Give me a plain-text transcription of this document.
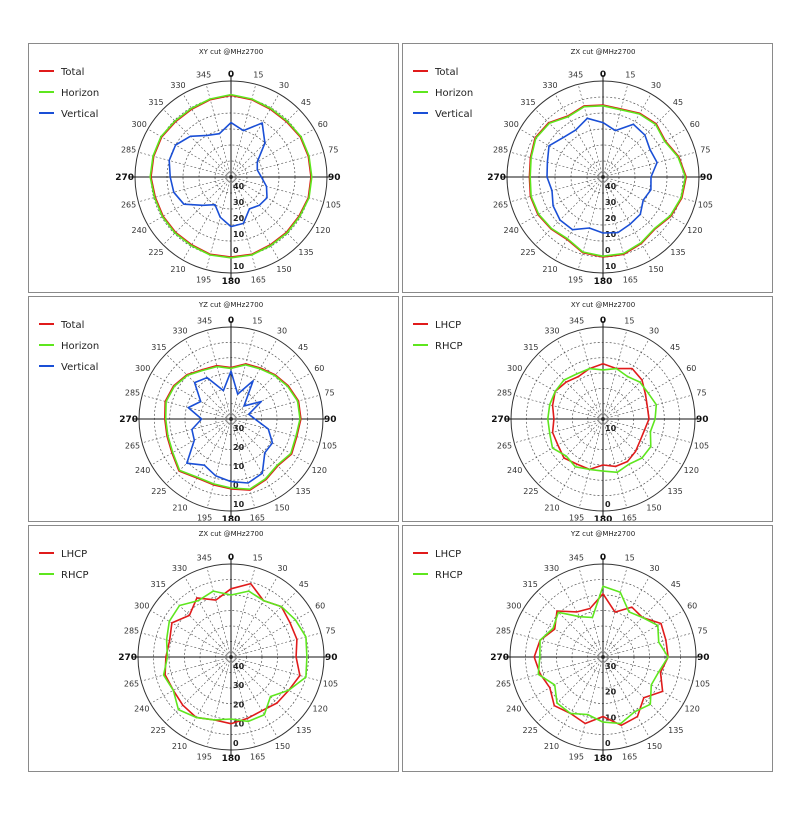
XY cut @MHz2700
0 15
30
45
60
75
90
105
120
135
150
165
180
195
210
225
240
265
270
285
300
315
330
345
40
30
20
10
0
10
Total
Horizon
Vertical
ZX cut @MHz2700
0 15
30
45
60
75
90
105
120
135
150
165
180
195
210
225
240
265
270
285
300
315
330
345
40
30
20
10
0
10
Total
Horizon
Vertical
YZ cut @MHz2700
0 15
30
45
60
75
90
105
120
135
150
165
180
195
210
225
240
265
270
285
300
315
330
345
30
20
10
0
10
Total
Horizon
Vertical
XY cut @MHz2700
0 15
30
45
60
75
90
105
120
135
150
165
180
195
210
225
240
265
270
285
300
315
330
345
10
0
LHCP
RHCP
ZX cut @MHz2700
0 15
30
45
60
75
90
105
120
135
150
165
180
195
210
225
240
265
270
285
300
315
330
345
40
30
20
10
0
LHCP
RHCP
YZ cut @MHz2700
0 15
30
45
60
75
90
105
120
135
150
165
180
195
210
225
240
265
270
285
300
315
330
345
30
20
10
0
LHCP
RHCP
